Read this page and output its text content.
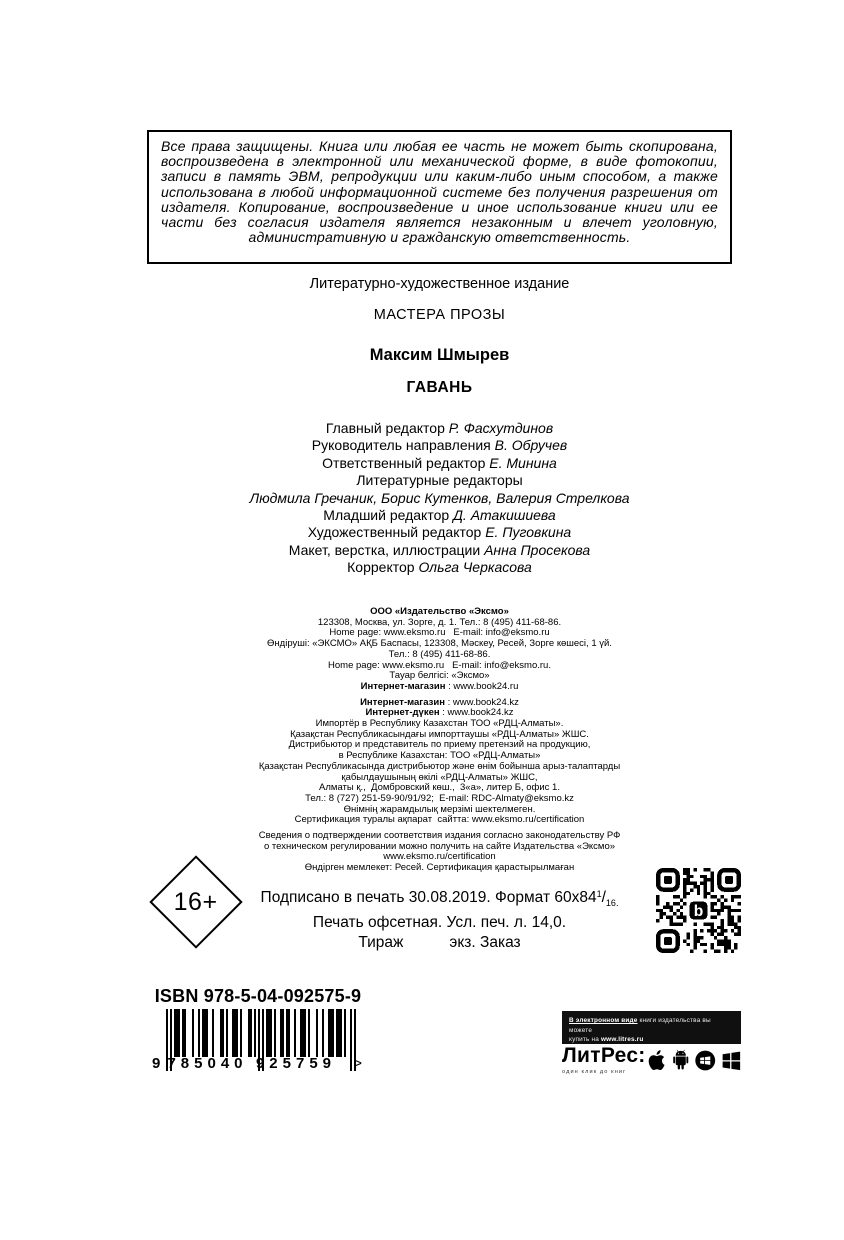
Все права защищены. Книга или любая ее часть не может быть скопирована, воспроизведена в электронной или механической форме, в виде фотокопии, записи в память ЭВМ, репродукции или каким-либо иным способом, а также использована в любой информационной системе без получения разрешения от издателя. Копирование, воспроизведение и иное использование книги или ее части без согласия издателя является незаконным и влечет уголовную, административную и гражданскую ответственность.

Литературно-художественное издание
МАСТЕРА ПРОЗЫ
Максим Шмырев
ГАВАНЬ
Главный редактор Р. Фасхутдинов
Руководитель направления В. Обручев
Ответственный редактор Е. Минина
Литературные редакторы
Людмила Гречаник, Борис Кутенков, Валерия Стрелкова
Младший редактор Д. Атакишиева
Художественный редактор Е. Пуговкина
Макет, верстка, иллюстрации Анна Просекова
Корректор Ольга Черкасова
ООО «Издательство «Эксмо»
123308, Москва, ул. Зорге, д. 1. Тел.: 8 (495) 411-68-86.
Home page: www.eksmo.ru   E-mail: info@eksmo.ru
Өндіруші: «ЭКСМО» АҚБ Баспасы, 123308, Мәскеу, Ресей, Зорге көшесі, 1 үй.
Тел.: 8 (495) 411-68-86.
Home page: www.eksmo.ru   E-mail: info@eksmo.ru.
Тауар белгісі: «Эксмо»
Интернет-магазин : www.book24.ru
Интернет-магазин : www.book24.kz
Интернет-дүкен : www.book24.kz
Импортёр в Республику Казахстан ТОО «РДЦ-Алматы».
Қазақстан Республикасындағы импорттаушы «РДЦ-Алматы» ЖШС.
Дистрибьютор и представитель по приему претензий на продукцию,
в Республике Казахстан: ТОО «РДЦ-Алматы»
Қазақстан Республикасында дистрибьютор және өнім бойынша арыз-талаптарды
қабылдаушының өкілі «РДЦ-Алматы» ЖШС,
Алматы қ.,  Домбровский көш.,  3«а», литер Б, офис 1.
Тел.: 8 (727) 251-59-90/91/92;  E-mail: RDC-Almaty@eksmo.kz
Өнімнің жарамдылық мерзімі шектелмеген.
Сертификация туралы ақпарат  сайтта: www.eksmo.ru/certification
Сведения о подтверждении соответствия издания согласно законодательству РФ
о техническом регулировании можно получить на сайте Издательства «Эксмо»
www.eksmo.ru/certification
Өндірген мемлекет: Ресей. Сертификация қарастырылмаған
16+	Подписано в печать 30.08.2019. Формат $60x84^1/_{16.}$
Печать офсетная. Усл. печ. л. 14,0.
Тираж	экз. Заказ
b
ISBN 978-5-04-092575-9
9 785040 925759	>
В электронном виде книги издательства вы можете
купить на www.litres.ru
ЛитРес:
один клик до книг
